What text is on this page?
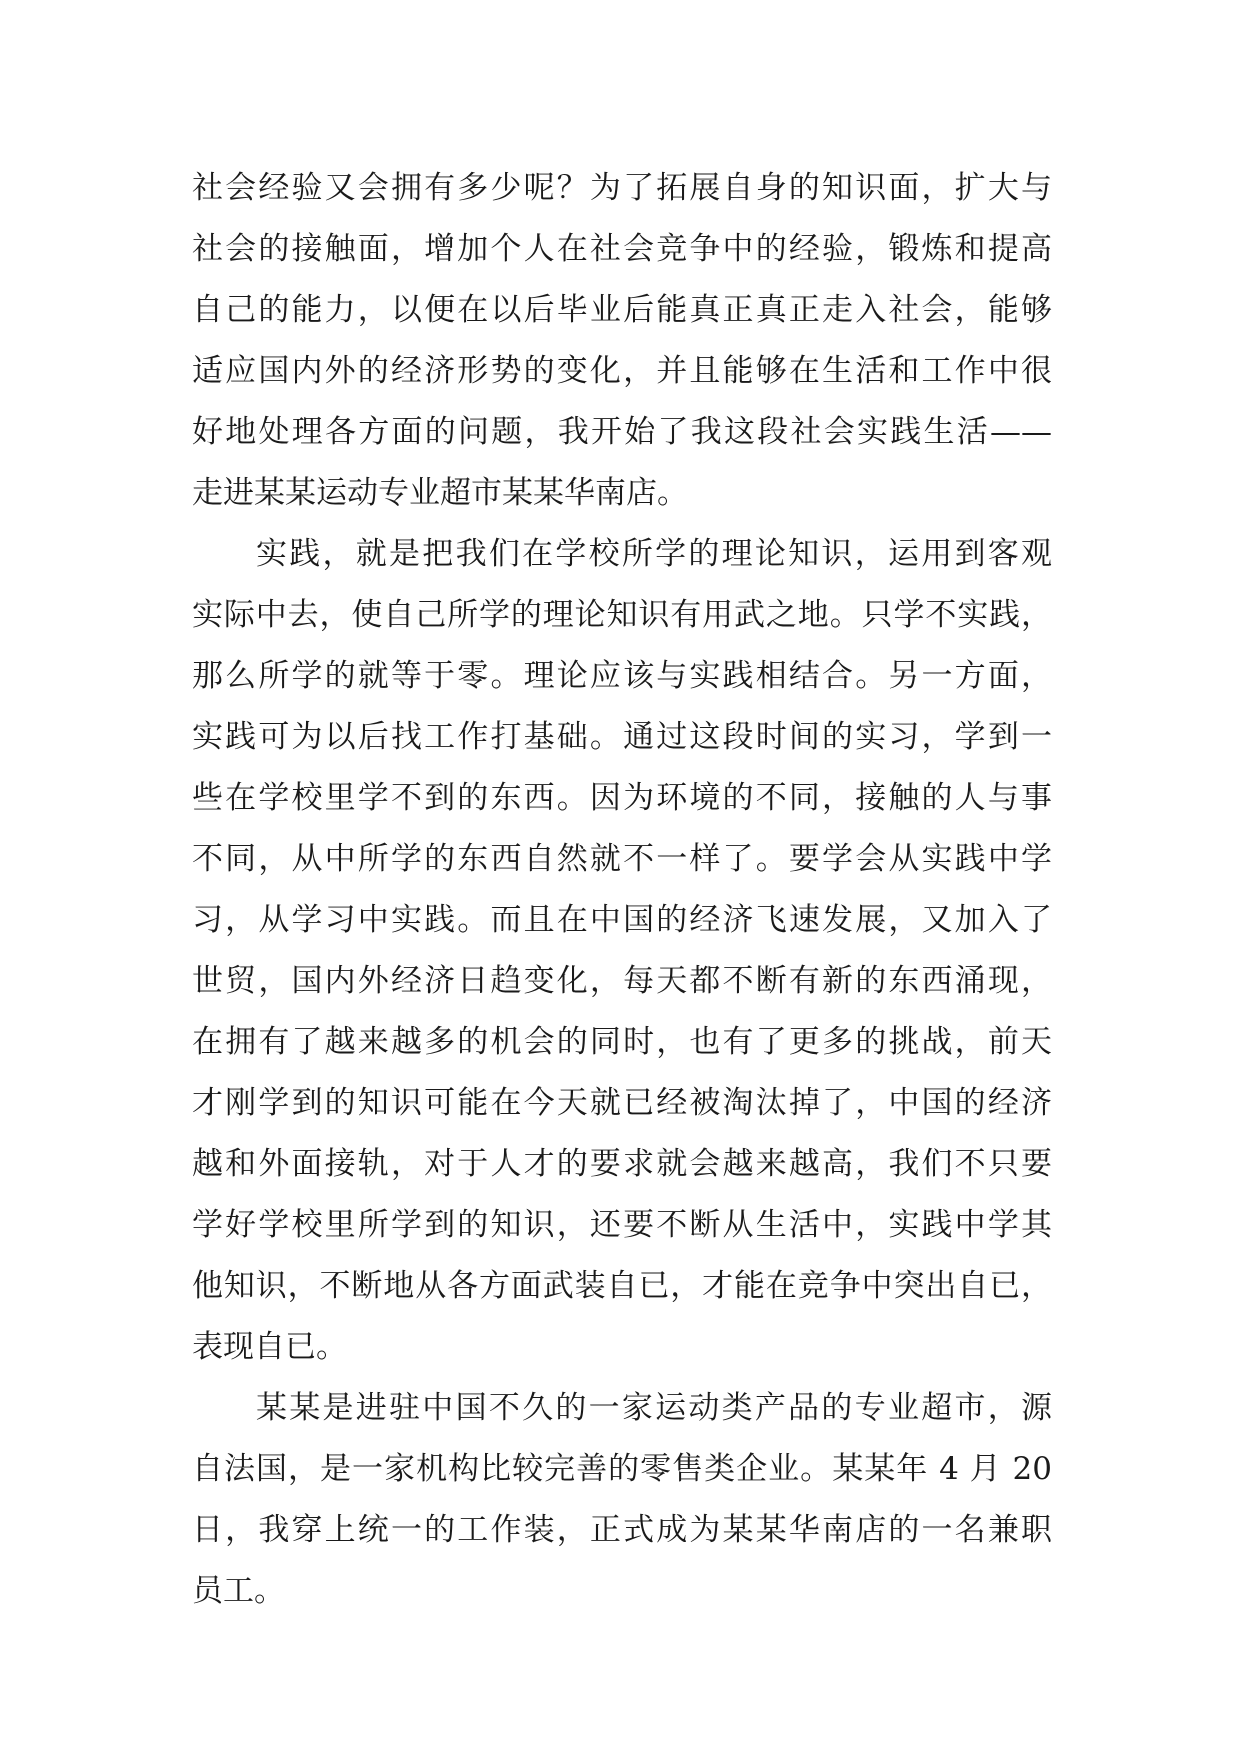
社会经验又会拥有多少呢？为了拓展自身的知识面，扩大与
社会的接触面，增加个人在社会竞争中的经验，锻炼和提高
自己的能力，以便在以后毕业后能真正真正走入社会，能够
适应国内外的经济形势的变化，并且能够在生活和工作中很
好地处理各方面的问题，我开始了我这段社会实践生活——
走进某某运动专业超市某某华南店。
实践，就是把我们在学校所学的理论知识，运用到客观
实际中去，使自己所学的理论知识有用武之地。只学不实践，
那么所学的就等于零。理论应该与实践相结合。另一方面，
实践可为以后找工作打基础。通过这段时间的实习，学到一
些在学校里学不到的东西。因为环境的不同，接触的人与事
不同，从中所学的东西自然就不一样了。要学会从实践中学
习，从学习中实践。而且在中国的经济飞速发展，又加入了
世贸，国内外经济日趋变化，每天都不断有新的东西涌现，
在拥有了越来越多的机会的同时，也有了更多的挑战，前天
才刚学到的知识可能在今天就已经被淘汰掉了，中国的经济
越和外面接轨，对于人才的要求就会越来越高，我们不只要
学好学校里所学到的知识，还要不断从生活中，实践中学其
他知识，不断地从各方面武装自已，才能在竞争中突出自已，
表现自已。
某某是进驻中国不久的一家运动类产品的专业超市，源
自法国，是一家机构比较完善的零售类企业。某某年 4 月 20
日，我穿上统一的工作装，正式成为某某华南店的一名兼职
员工。
